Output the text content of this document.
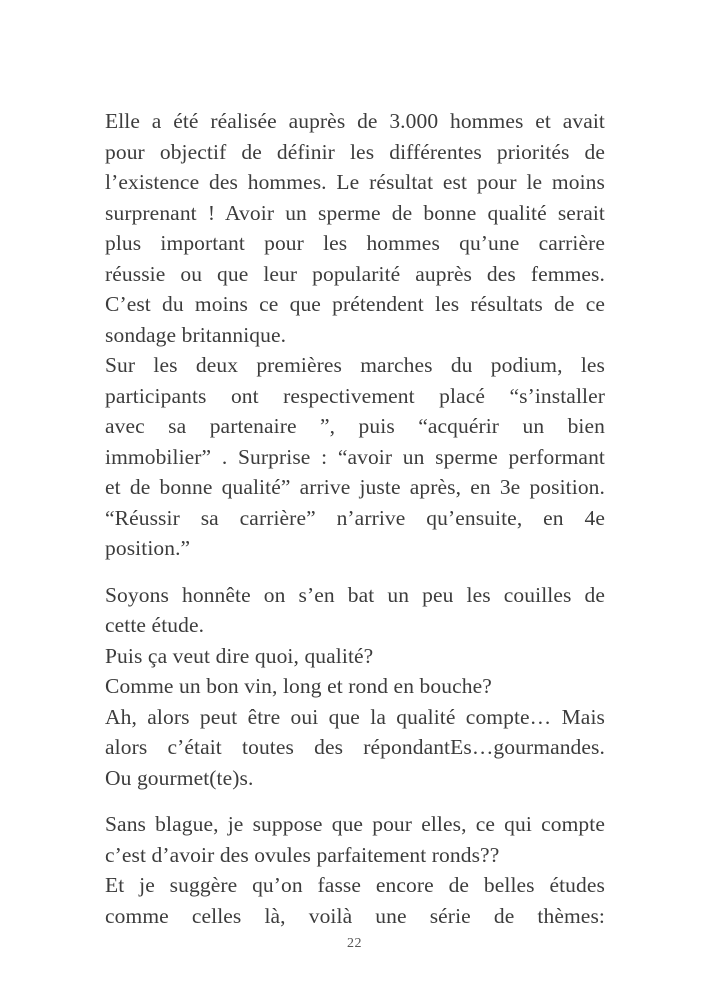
Elle a été réalisée auprès de 3.000 hommes et avait
pour objectif de définir les différentes priorités de
l’existence des hommes. Le résultat est pour le moins
surprenant ! Avoir un sperme de bonne qualité serait
plus important pour les hommes qu’une carrière
réussie ou que leur popularité auprès des femmes.
C’est du moins ce que prétendent les résultats de ce
sondage britannique.
Sur les deux premières marches du podium, les
participants ont respectivement placé “s’installer
avec sa partenaire ”, puis “acquérir un bien
immobilier” . Surprise : “avoir un sperme performant
et de bonne qualité” arrive juste après, en 3e position.
“Réussir sa carrière” n’arrive qu’ensuite, en 4e
position.”
Soyons honnête on s’en bat un peu les couilles de
cette étude.
Puis ça veut dire quoi, qualité?
Comme un bon vin, long et rond en bouche?
Ah, alors peut être oui que la qualité compte… Mais
alors c’était toutes des répondantEs…gourmandes.
Ou gourmet(te)s.
Sans blague, je suppose que pour elles, ce qui compte
c’est d’avoir des ovules parfaitement ronds??
Et je suggère qu’on fasse encore de belles études
comme celles là, voilà une série de thèmes:
22
